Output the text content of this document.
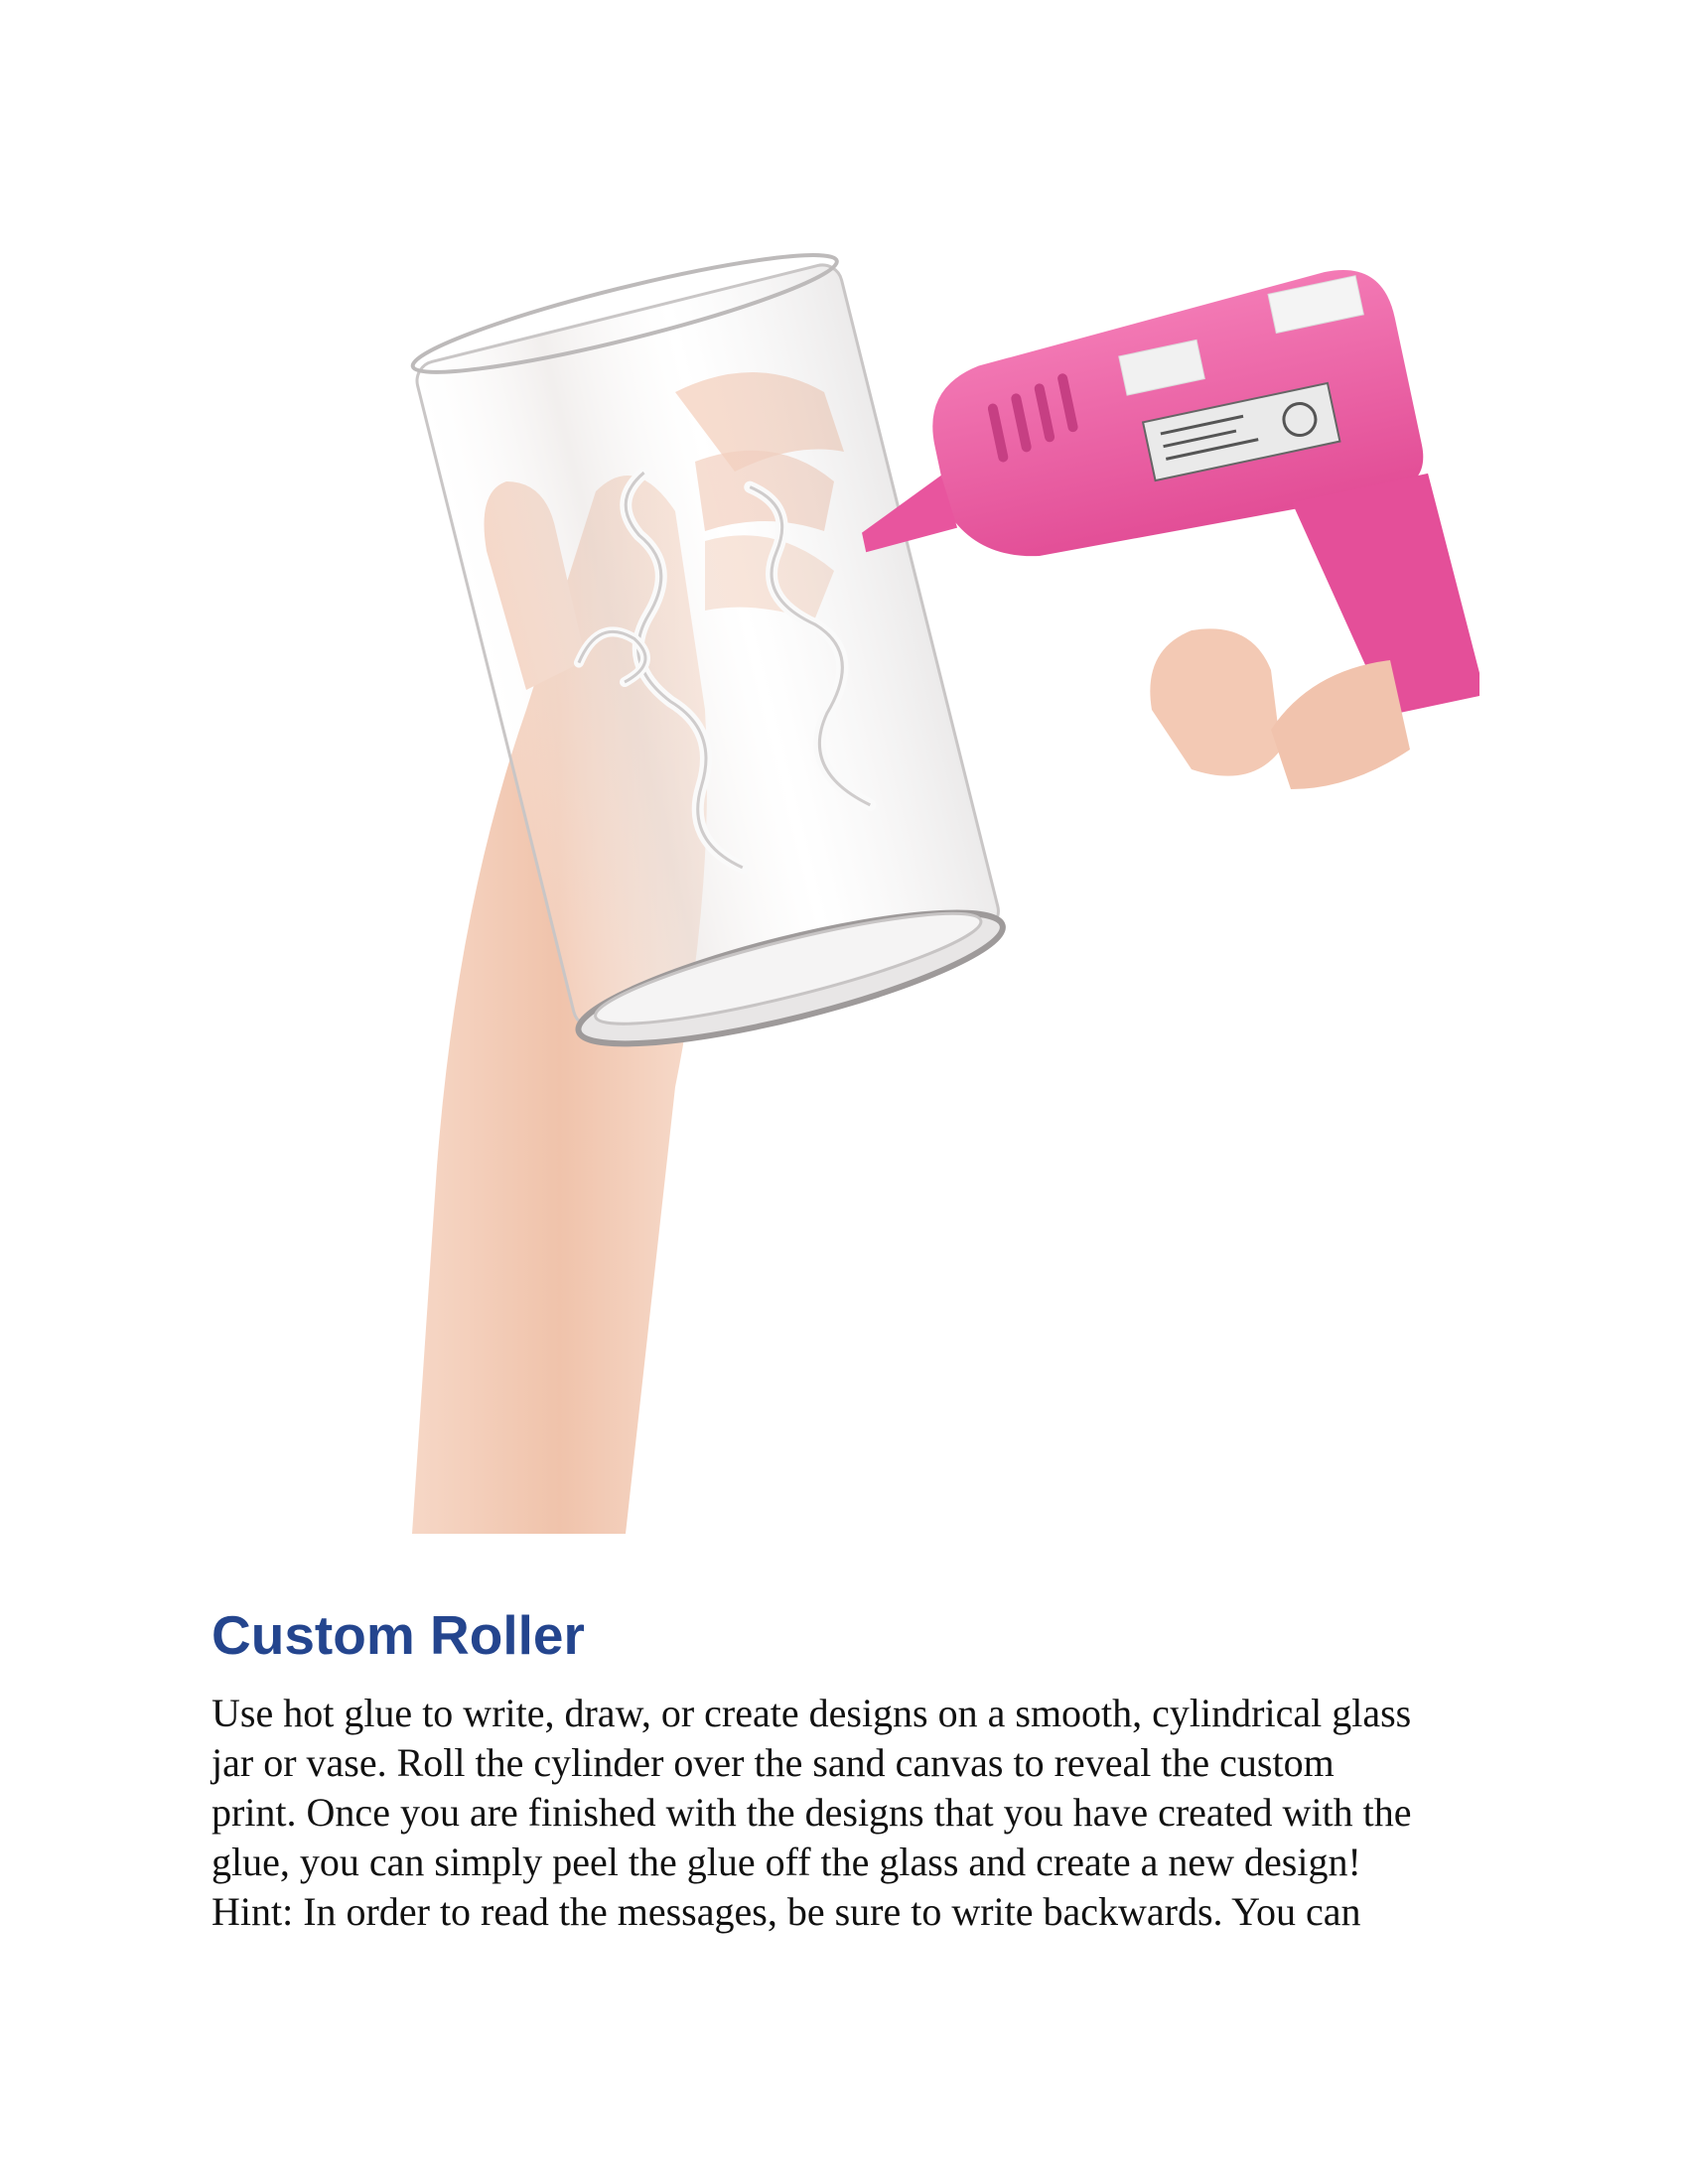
Custom Roller
Use hot glue to write, draw, or create designs on a smooth, cylindrical glass
jar or vase. Roll the cylinder over the sand canvas to reveal the custom
print. Once you are finished with the designs that you have created with the
glue, you can simply peel the glue off the glass and create a new design!
Hint: In order to read the messages, be sure to write backwards. You can
